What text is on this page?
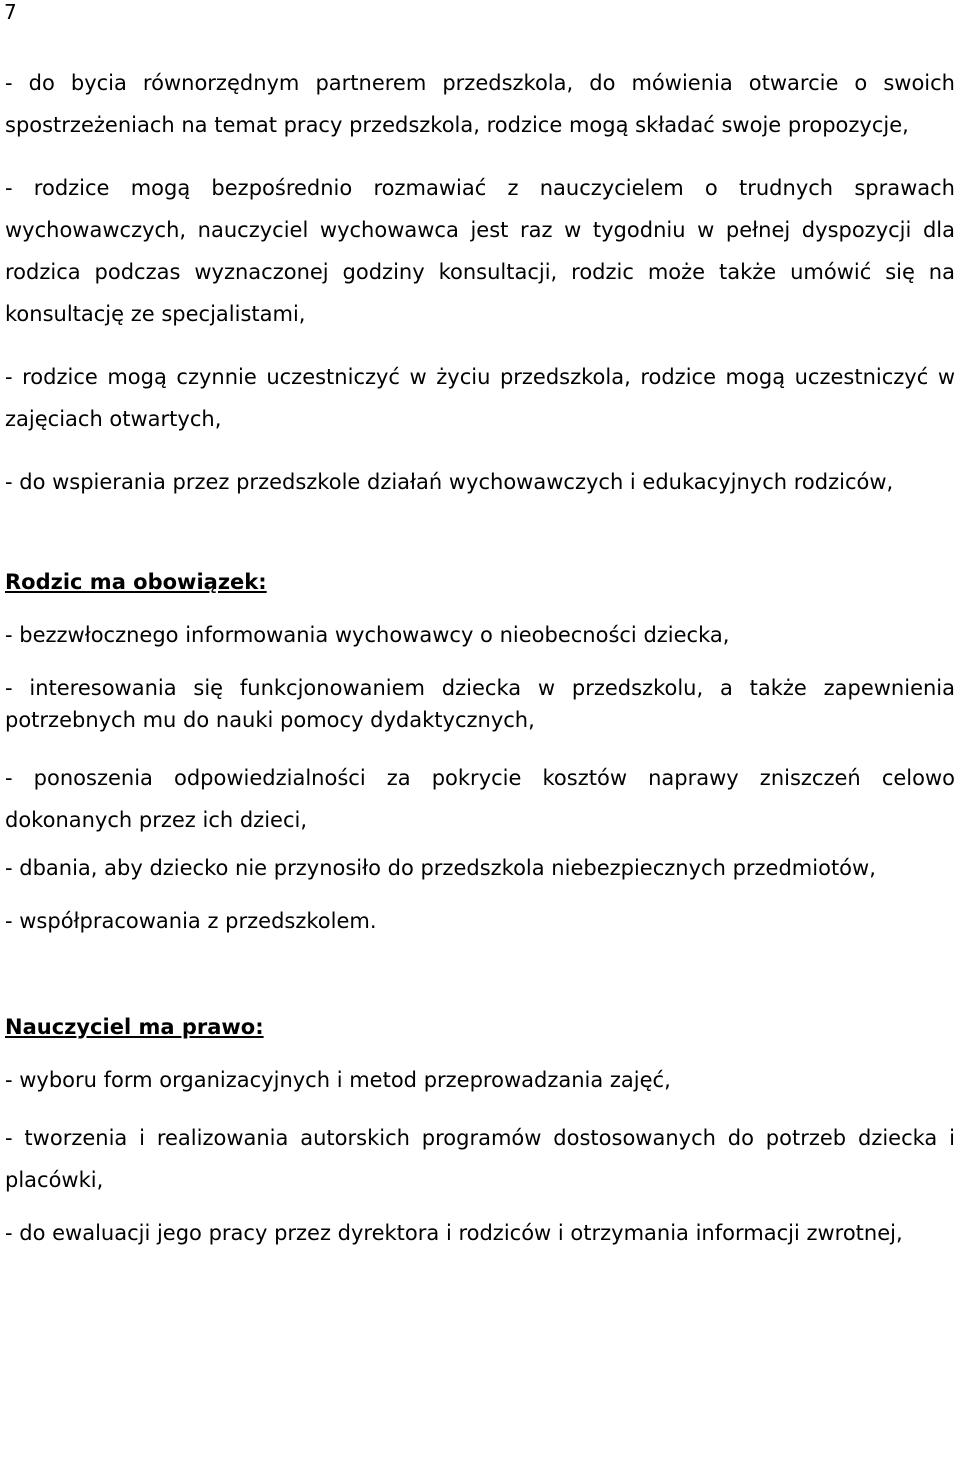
7

- do bycia równorzędnym partnerem przedszkola, do mówienia otwarcie o swoich spostrzeżeniach na temat pracy przedszkola, rodzice mogą składać swoje propozycje,

- rodzice mogą bezpośrednio rozmawiać z nauczycielem o trudnych sprawach wychowawczych, nauczyciel wychowawca jest raz w tygodniu w pełnej dyspozycji dla rodzica podczas wyznaczonej godziny konsultacji, rodzic może także umówić się na konsultację ze specjalistami,

- rodzice mogą czynnie uczestniczyć w życiu przedszkola, rodzice mogą uczestniczyć w zajęciach otwartych,

- do wspierania przez przedszkole działań wychowawczych i edukacyjnych rodziców,

Rodzic ma obowiązek:

- bezzwłocznego informowania wychowawcy o nieobecności dziecka,

- interesowania się funkcjonowaniem dziecka w przedszkolu, a także zapewnienia potrzebnych mu do nauki pomocy dydaktycznych,

- ponoszenia odpowiedzialności za pokrycie kosztów naprawy zniszczeń celowo dokonanych przez ich dzieci,

- dbania, aby dziecko nie przynosiło do przedszkola niebezpiecznych przedmiotów,

- współpracowania z przedszkolem.

Nauczyciel ma prawo:

- wyboru form organizacyjnych i metod przeprowadzania zajęć,

- tworzenia i realizowania autorskich programów dostosowanych do potrzeb dziecka i placówki,

- do ewaluacji jego pracy przez dyrektora i rodziców i otrzymania informacji zwrotnej,
